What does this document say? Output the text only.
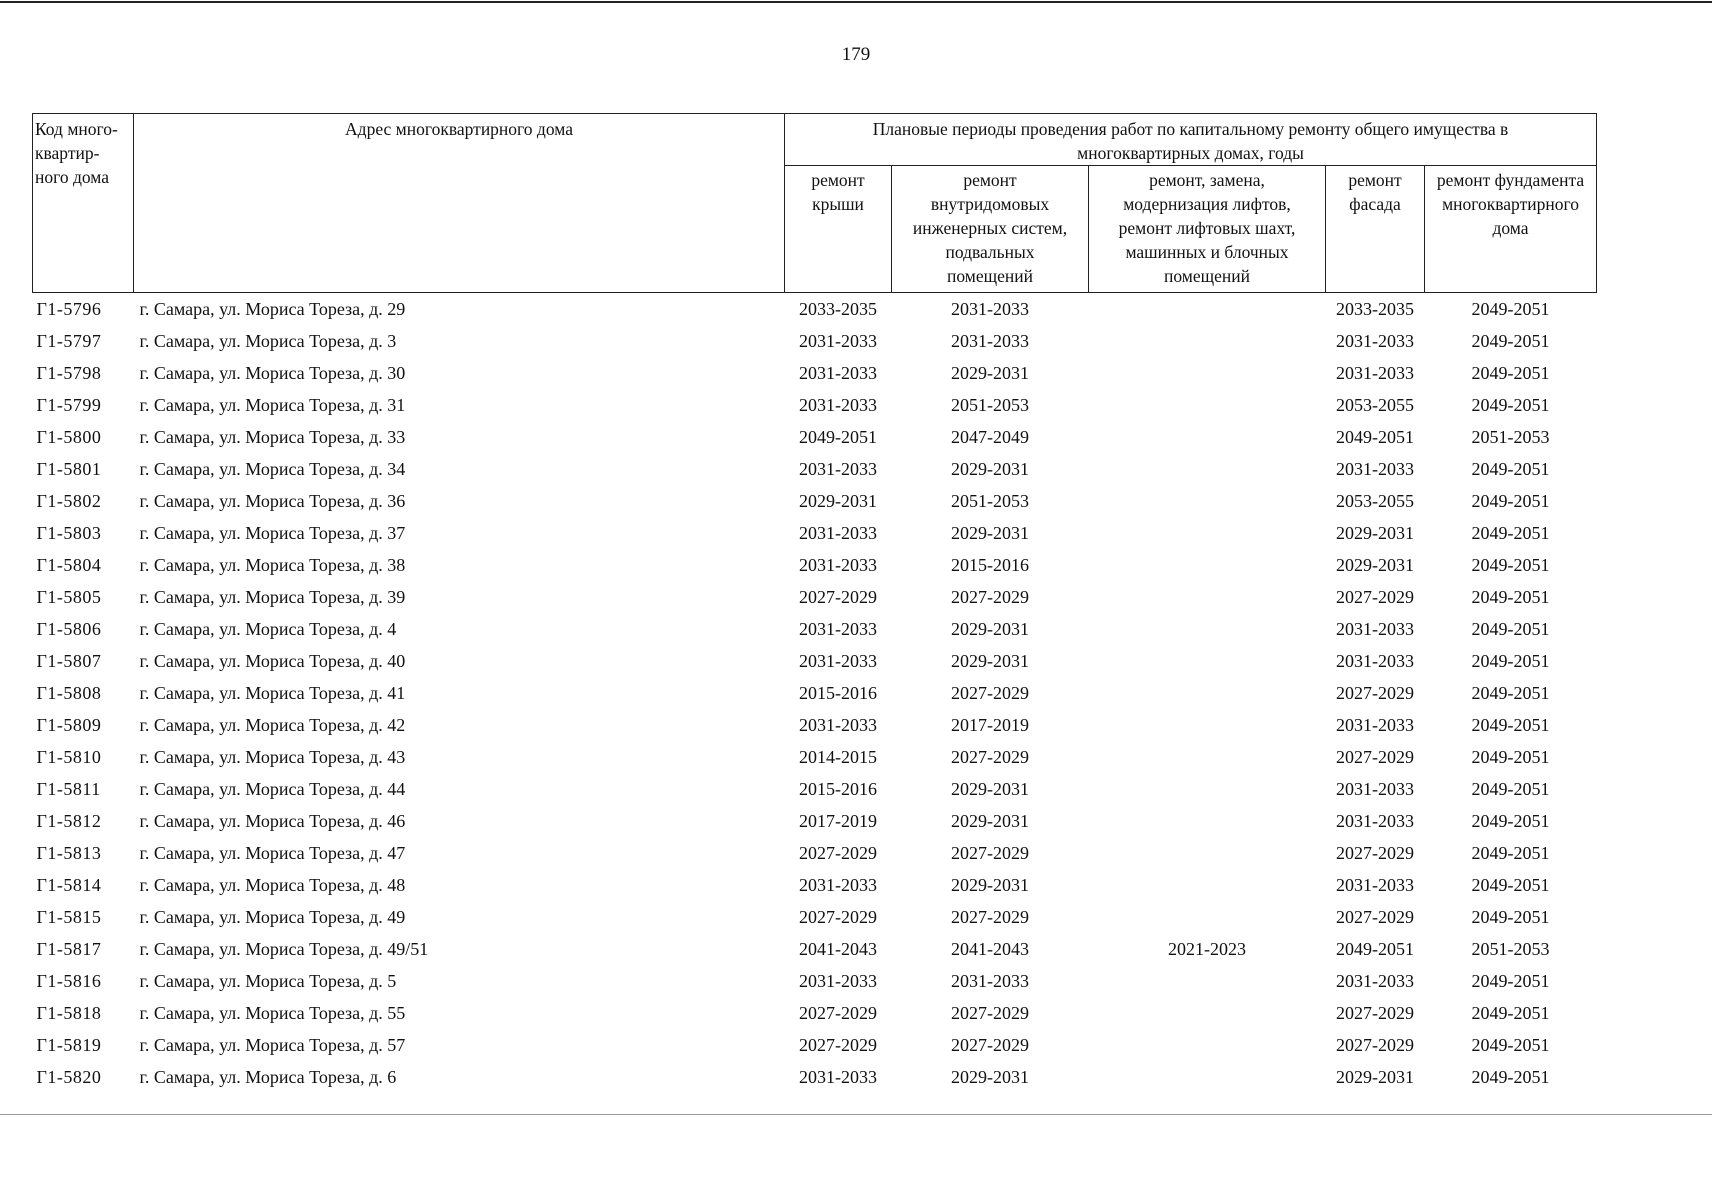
179
Код много-
квартир-
ного дома	Адрес многоквартирного дома	Плановые периоды проведения работ по капитальному ремонту общего имущества в
многоквартирных домах, годы				

		ремонт
крыши	ремонт
внутридомовых
инженерных систем,
подвальных
помещений	ремонт, замена,
модернизация лифтов,
ремонт лифтовых шахт,
машинных и блочных
помещений	ремонт
фасада	ремонт фундамента
многоквартирного
дома

Г1-5796	г. Самара, ул. Мориса Тореза, д. 29	2033-2035	2031-2033		2033-2035	2049-2051
Г1-5797	г. Самара, ул. Мориса Тореза, д. 3	2031-2033	2031-2033		2031-2033	2049-2051
Г1-5798	г. Самара, ул. Мориса Тореза, д. 30	2031-2033	2029-2031		2031-2033	2049-2051
Г1-5799	г. Самара, ул. Мориса Тореза, д. 31	2031-2033	2051-2053		2053-2055	2049-2051
Г1-5800	г. Самара, ул. Мориса Тореза, д. 33	2049-2051	2047-2049		2049-2051	2051-2053
Г1-5801	г. Самара, ул. Мориса Тореза, д. 34	2031-2033	2029-2031		2031-2033	2049-2051
Г1-5802	г. Самара, ул. Мориса Тореза, д. 36	2029-2031	2051-2053		2053-2055	2049-2051
Г1-5803	г. Самара, ул. Мориса Тореза, д. 37	2031-2033	2029-2031		2029-2031	2049-2051
Г1-5804	г. Самара, ул. Мориса Тореза, д. 38	2031-2033	2015-2016		2029-2031	2049-2051
Г1-5805	г. Самара, ул. Мориса Тореза, д. 39	2027-2029	2027-2029		2027-2029	2049-2051
Г1-5806	г. Самара, ул. Мориса Тореза, д. 4	2031-2033	2029-2031		2031-2033	2049-2051
Г1-5807	г. Самара, ул. Мориса Тореза, д. 40	2031-2033	2029-2031		2031-2033	2049-2051
Г1-5808	г. Самара, ул. Мориса Тореза, д. 41	2015-2016	2027-2029		2027-2029	2049-2051
Г1-5809	г. Самара, ул. Мориса Тореза, д. 42	2031-2033	2017-2019		2031-2033	2049-2051
Г1-5810	г. Самара, ул. Мориса Тореза, д. 43	2014-2015	2027-2029		2027-2029	2049-2051
Г1-5811	г. Самара, ул. Мориса Тореза, д. 44	2015-2016	2029-2031		2031-2033	2049-2051
Г1-5812	г. Самара, ул. Мориса Тореза, д. 46	2017-2019	2029-2031		2031-2033	2049-2051
Г1-5813	г. Самара, ул. Мориса Тореза, д. 47	2027-2029	2027-2029		2027-2029	2049-2051
Г1-5814	г. Самара, ул. Мориса Тореза, д. 48	2031-2033	2029-2031		2031-2033	2049-2051
Г1-5815	г. Самара, ул. Мориса Тореза, д. 49	2027-2029	2027-2029		2027-2029	2049-2051
Г1-5817	г. Самара, ул. Мориса Тореза, д. 49/51	2041-2043	2041-2043	2021-2023	2049-2051	2051-2053
Г1-5816	г. Самара, ул. Мориса Тореза, д. 5	2031-2033	2031-2033		2031-2033	2049-2051
Г1-5818	г. Самара, ул. Мориса Тореза, д. 55	2027-2029	2027-2029		2027-2029	2049-2051
Г1-5819	г. Самара, ул. Мориса Тореза, д. 57	2027-2029	2027-2029		2027-2029	2049-2051
Г1-5820	г. Самара, ул. Мориса Тореза, д. 6	2031-2033	2029-2031		2029-2031	2049-2051
